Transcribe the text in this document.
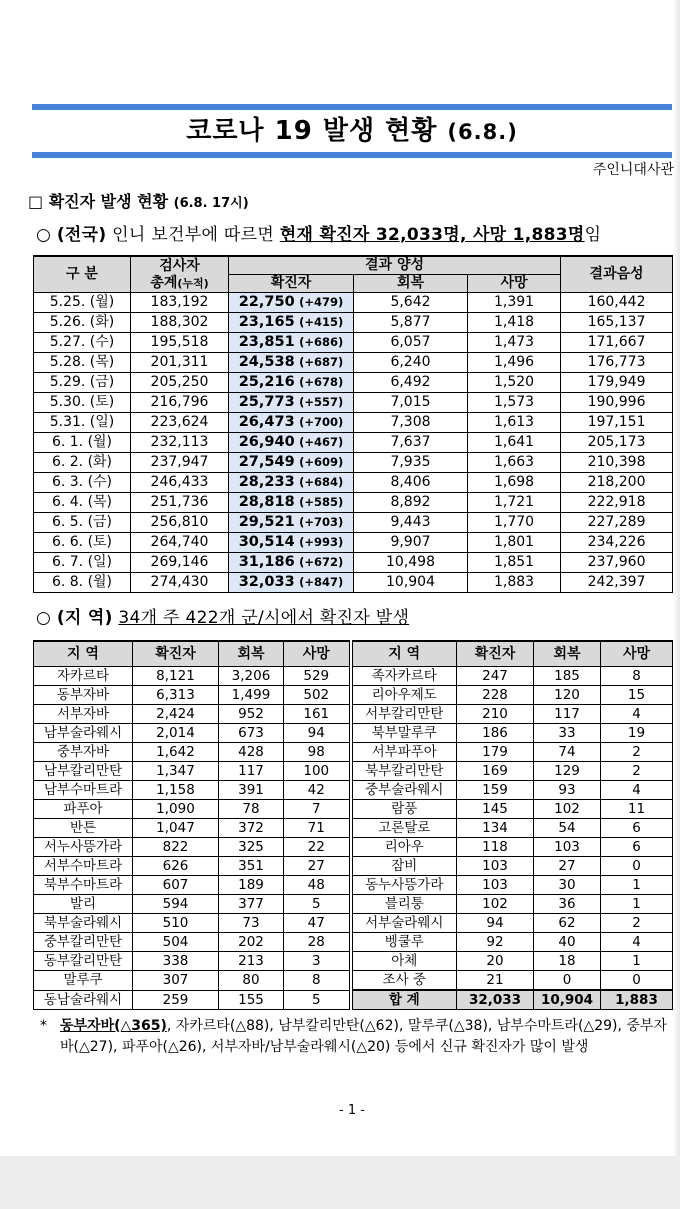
코로나 19 발생 현황 (6.8.)
주인니대사관
□ 확진자 발생 현황 (6.8. 17시)
○ (전국) 인니 보건부에 따르면 현재 확진자 32,033명, 사망 1,883명임
구 분	검사자
총계(누적)	결과 양성			결과음성
		확진자	회복	사망	
5.25. (월)	183,192	22,750 (+479)	5,642	1,391	160,442
5.26. (화)	188,302	23,165 (+415)	5,877	1,418	165,137
5.27. (수)	195,518	23,851 (+686)	6,057	1,473	171,667
5.28. (목)	201,311	24,538 (+687)	6,240	1,496	176,773
5.29. (금)	205,250	25,216 (+678)	6,492	1,520	179,949
5.30. (토)	216,796	25,773 (+557)	7,015	1,573	190,996
5.31. (일)	223,624	26,473 (+700)	7,308	1,613	197,151
6. 1. (월)	232,113	26,940 (+467)	7,637	1,641	205,173
6. 2. (화)	237,947	27,549 (+609)	7,935	1,663	210,398
6. 3. (수)	246,433	28,233 (+684)	8,406	1,698	218,200
6. 4. (목)	251,736	28,818 (+585)	8,892	1,721	222,918
6. 5. (금)	256,810	29,521 (+703)	9,443	1,770	227,289
6. 6. (토)	264,740	30,514 (+993)	9,907	1,801	234,226
6. 7. (일)	269,146	31,186 (+672)	10,498	1,851	237,960
6. 8. (월)	274,430	32,033 (+847)	10,904	1,883	242,397
○ (지 역) 34개 주 422개 군/시에서 확진자 발생
지 역	확진자	회복	사망	지 역	확진자	회복	사망
자카르타	8,121	3,206	529	족자카르타	247	185	8
동부자바	6,313	1,499	502	리아우제도	228	120	15
서부자바	2,424	952	161	서부칼리만탄	210	117	4
남부술라웨시	2,014	673	94	북부말루쿠	186	33	19
중부자바	1,642	428	98	서부파푸아	179	74	2
남부칼리만탄	1,347	117	100	북부칼리만탄	169	129	2
남부수마트라	1,158	391	42	중부술라웨시	159	93	4
파푸아	1,090	78	7	람풍	145	102	11
반튼	1,047	372	71	고론탈로	134	54	6
서누사뜽가라	822	325	22	리아우	118	103	6
서부수마트라	626	351	27	잠비	103	27	0
북부수마트라	607	189	48	동누사뜽가라	103	30	1
발리	594	377	5	블리퉁	102	36	1
북부술라웨시	510	73	47	서부술라웨시	94	62	2
중부칼리만탄	504	202	28	벵쿨루	92	40	4
동부칼리만탄	338	213	3	아체	20	18	1
말루쿠	307	80	8	조사 중	21	0	0
동남술라웨시	259	155	5	합 계	32,033	10,904	1,883
* 동부자바(△365), 자카르타(△88), 남부칼리만탄(△62), 말루쿠(△38), 남부수마트라(△29), 중부자바(△27), 파푸아(△26), 서부자바/남부술라웨시(△20) 등에서 신규 확진자가 많이 발생
- 1 -
